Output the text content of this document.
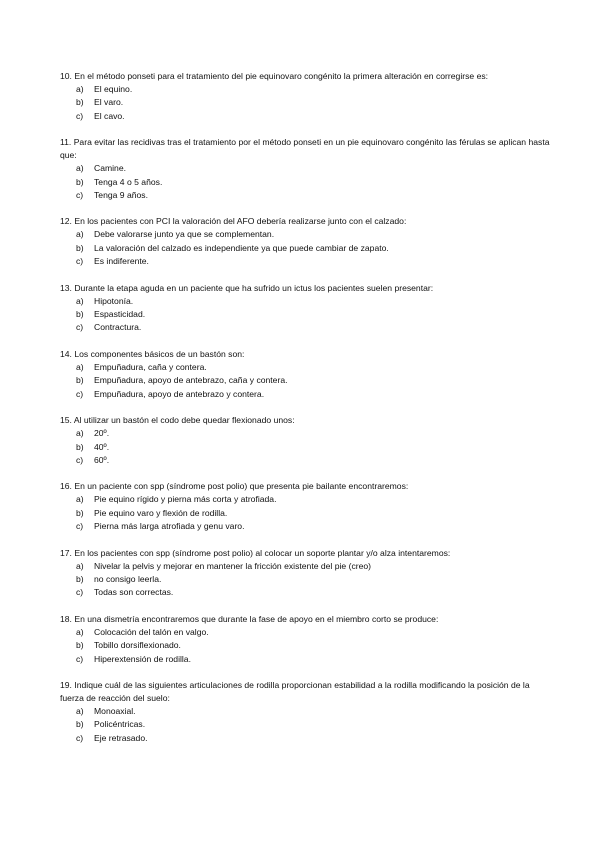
10. En el método ponseti para el tratamiento del pie equinovaro congénito la primera alteración en corregirse es:

a)	El equino.
b)	El varo.
c)	El cavo.

11. Para evitar las recidivas tras el tratamiento por el método ponseti en un pie equinovaro congénito las férulas se aplican hasta que:

a)	Camine.
b)	Tenga 4 o 5 años.
c)	Tenga 9 años.

12. En los pacientes con PCI la valoración del AFO debería realizarse junto con el calzado:

a)	Debe valorarse junto ya que se complementan.
b)	La valoración del calzado es independiente ya que puede cambiar de zapato.
c)	Es indiferente.

13. Durante la etapa aguda en un paciente que ha sufrido un ictus los pacientes suelen presentar:

a)	Hipotonía.
b)	Espasticidad.
c)	Contractura.

14. Los componentes básicos de un bastón son:

a)	Empuñadura, caña y contera.
b)	Empuñadura, apoyo de antebrazo, caña y contera.
c)	Empuñadura, apoyo de antebrazo y contera.

15. Al utilizar un bastón el codo debe quedar flexionado unos:

a)	20º.
b)	40º.
c)	60º.

16. En un paciente con spp (síndrome post polio) que presenta pie bailante encontraremos:

a)	Pie equino rígido y pierna más corta y atrofiada.
b)	Pie equino varo y flexión de rodilla.
c)	Pierna más larga atrofiada y genu varo.

17. En los pacientes con spp (síndrome post polio) al colocar un soporte plantar y/o alza intentaremos:

a)	Nivelar la pelvis y mejorar en mantener la fricción existente del pie (creo)
b)	no consigo leerla.
c)	Todas son correctas.

18. En una dismetría encontraremos que durante la fase de apoyo en el miembro corto se produce:

a)	Colocación del talón en valgo.
b)	Tobillo dorsiflexionado.
c)	Hiperextensión de rodilla.

19. Indique cuál de las siguientes articulaciones de rodilla proporcionan estabilidad a la rodilla modificando la posición de la fuerza de reacción del suelo:

a)	Monoaxial.
b)	Policéntricas.
c)	Eje retrasado.
